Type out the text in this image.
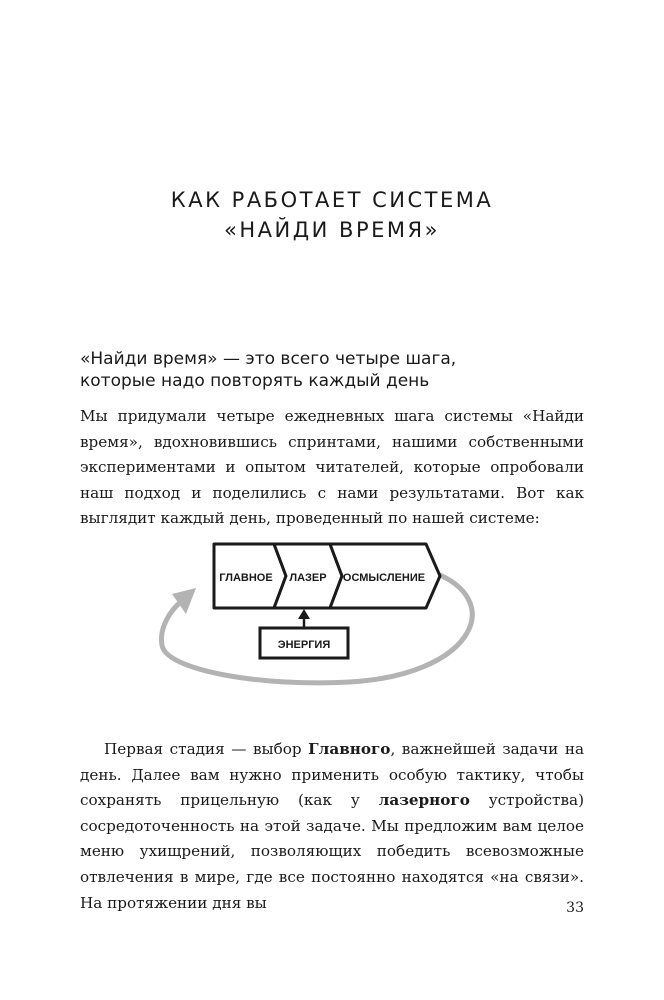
КАК РАБОТАЕТ СИСТЕМА
«НАЙДИ ВРЕМЯ»
«Найди время» — это всего четыре шага,
которые надо повторять каждый день

Мы придумали четыре ежедневных шага системы «Найди время», вдохновившись спринтами, нашими собственными экспериментами и опытом читателей, которые опробовали наш подход и поделились с нами результатами. Вот как выглядит каждый день, проведенный по нашей системе:

ГЛАВНОЕ ЛАЗЕР ОСМЫСЛЕНИЕ
ЭНЕРГИЯ

Первая стадия — выбор Главного, важнейшей задачи на день. Далее вам нужно применить особую тактику, чтобы сохранять прицельную (как у лазерного устройства) сосредоточенность на этой задаче. Мы предложим вам целое меню ухищрений, позволяющих победить всевозможные отвлечения в мире, где все постоянно находятся «на связи». На протяжении дня вы	33
